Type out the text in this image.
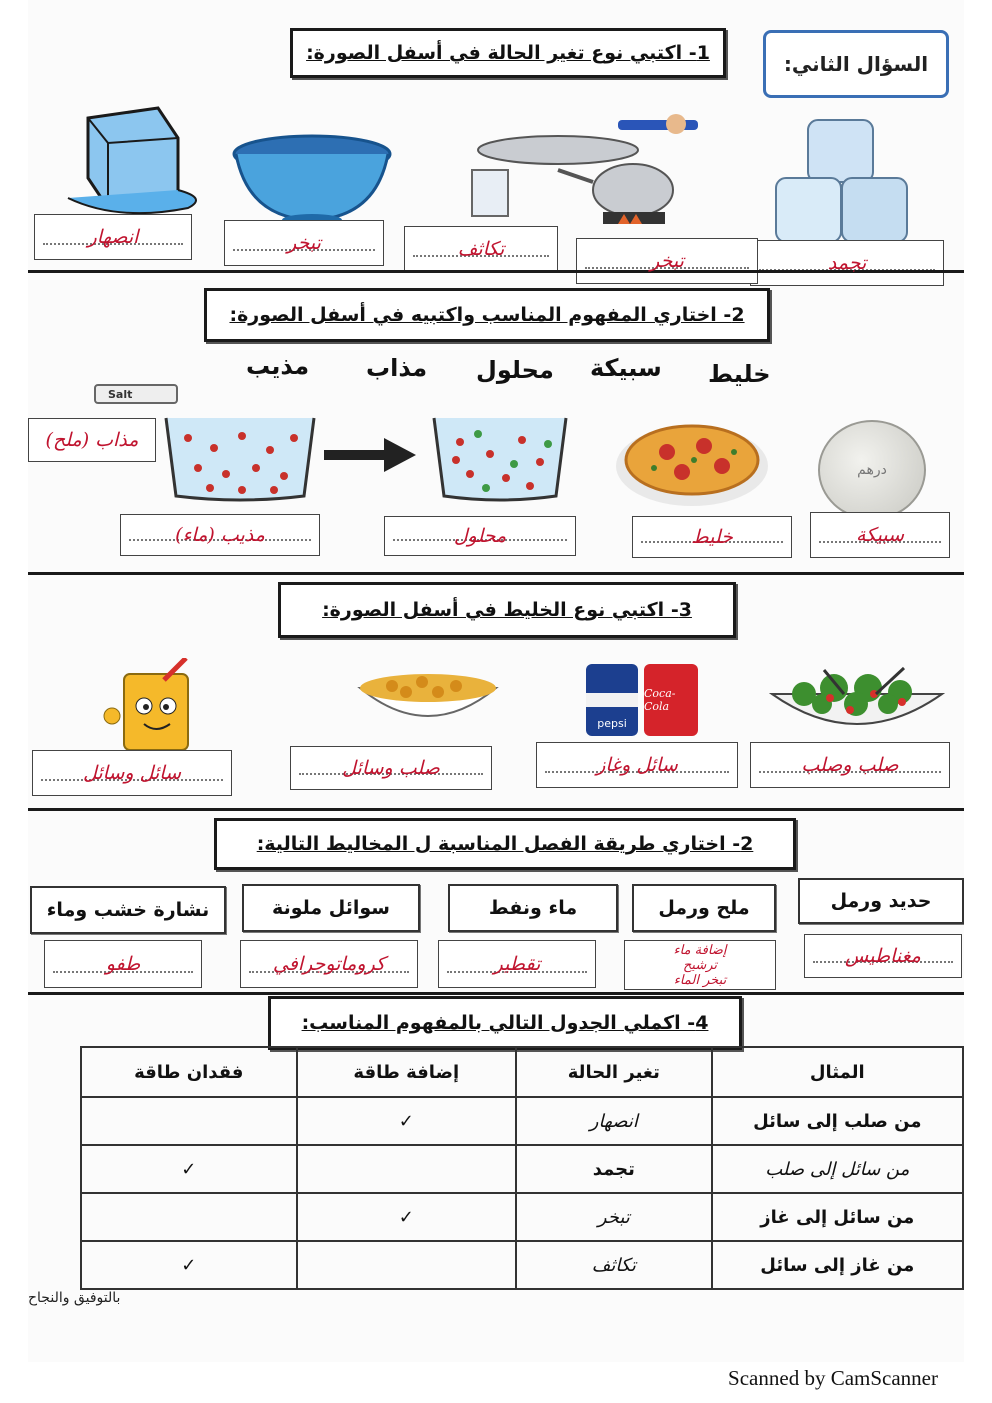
السؤال الثاني:
1- اكتبي نوع تغير الحالة في أسفل الصورة:
تجمد
تبخر
تكاثف
تبخر
انصهار
2- اختاري المفهوم المناسب واكتبيه في أسفل الصورة:
خليط
سبيكة
محلول
مذاب
مذيب
درهم
Salt
مذاب (ملح)
سبيكة
خليط
محلول
مذيب (ماء)
3- اكتبي نوع الخليط في أسفل الصورة:
pepsi
Coca-Cola
صلب وصلب
سائل وغاز
صلب وسائل
سائل وسائل
2- اختاري طريقة الفصل المناسبة ل المخاليط التالية:
حديد ورمل
ملح ورمل
ماء ونفط
سوائل ملونة
نشارة خشب وماء
مغناطيس
إضافة ماء
ترشيح
تبخر الماء
تقطير
كروماتوجرافي
طفو
4- اكملي الجدول التالي بالمفهوم المناسب:
المثال	تغير الحالة	إضافة طاقة	فقدان طاقة
من صلب إلى سائل	انصهار	✓	
من سائل إلى صلب	تجمد		✓
من سائل إلى غاز	تبخر	✓	
من غاز إلى سائل	تكاثف		✓
بالتوفيق والنجاح
Scanned by CamScanner
